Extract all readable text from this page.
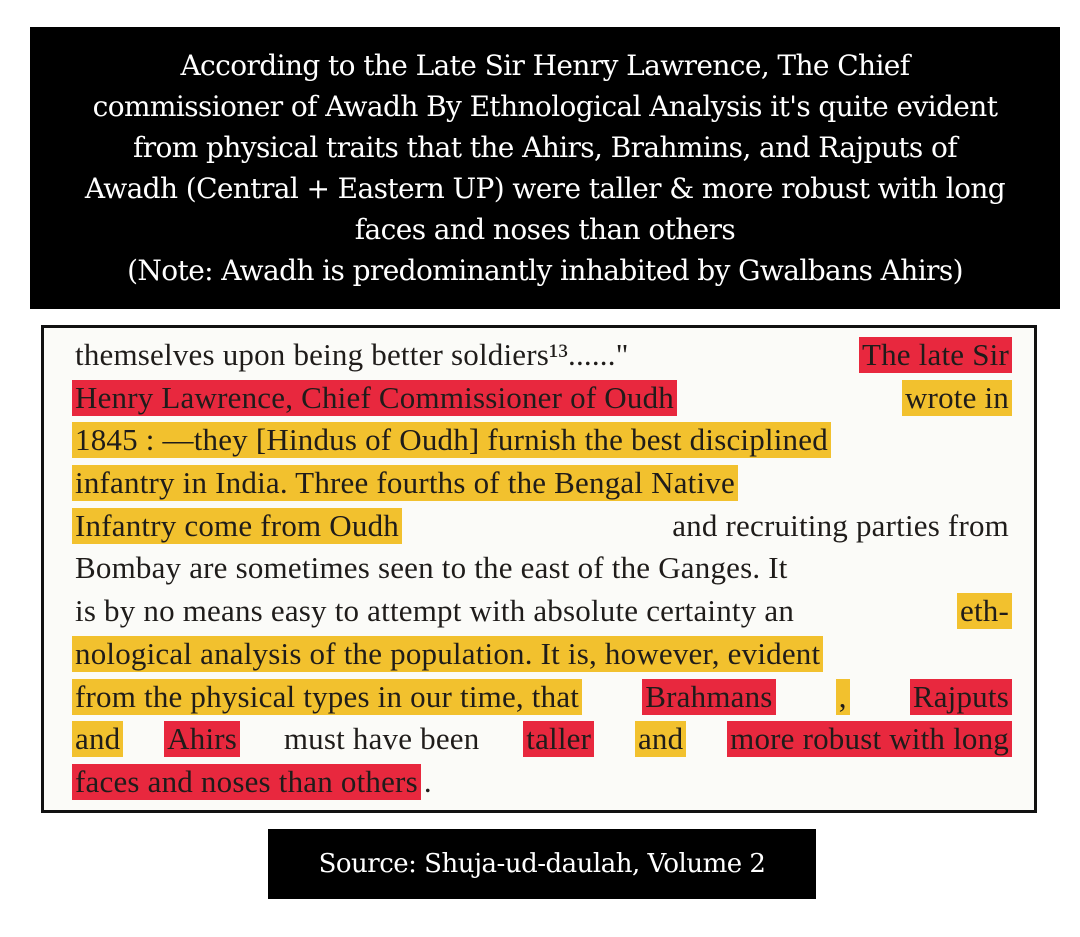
According to the Late Sir Henry Lawrence, The Chief
commissioner of Awadh By Ethnological Analysis it's quite evident
from physical traits that the Ahirs, Brahmins, and Rajputs of
Awadh (Central + Eastern UP) were taller & more robust with long
faces and noses than others
(Note: Awadh is predominantly inhabited by Gwalbans Ahirs)
themselves upon being better soldiers¹³......"	The late Sir
Henry Lawrence, Chief Commissioner of Oudh	wrote in
1845 : —they [Hindus of Oudh] furnish the best disciplined
infantry in India. Three fourths of the Bengal Native
Infantry come from Oudh	and recruiting parties from
Bombay are sometimes seen to the east of the Ganges. It
is by no means easy to attempt with absolute certainty an	eth-
nological analysis of the population. It is, however, evident
from the physical types in our time, that Brahmans , Rajputs
and Ahirs must have been taller and more robust with long
faces and noses than others .
Source: Shuja-ud-daulah, Volume 2
